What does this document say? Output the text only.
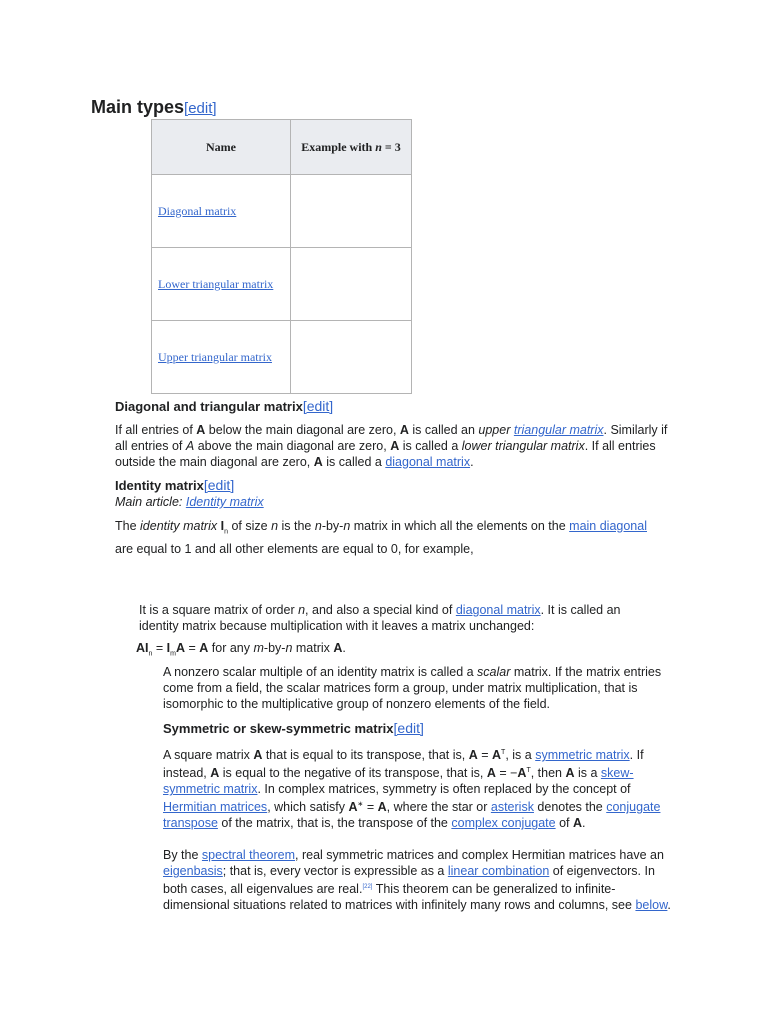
Main types[edit]
Name	Example with n = 3
Diagonal matrix	
Lower triangular matrix	
Upper triangular matrix	
Diagonal and triangular matrix[edit]
If all entries of A below the main diagonal are zero, A is called an upper triangular matrix. Similarly if all entries of A above the main diagonal are zero, A is called a lower triangular matrix. If all entries outside the main diagonal are zero, A is called a diagonal matrix.
Identity matrix[edit]
Main article: Identity matrix
The identity matrix $I_n$ of size n is the n-by-n matrix in which all the elements on the main diagonal are equal to 1 and all other elements are equal to 0, for example,
It is a square matrix of order n, and also a special kind of diagonal matrix. It is called an identity matrix because multiplication with it leaves a matrix unchanged:
$AI_n = I_mA = A$ for any m-by-n matrix A.
A nonzero scalar multiple of an identity matrix is called a scalar matrix. If the matrix entries come from a field, the scalar matrices form a group, under matrix multiplication, that is isomorphic to the multiplicative group of nonzero elements of the field.
Symmetric or skew-symmetric matrix[edit]
A square matrix A that is equal to its transpose, that is, $A = A^T$, is a symmetric matrix. If instead, A is equal to the negative of its transpose, that is, $A = -A^T$, then A is a skew-symmetric matrix. In complex matrices, symmetry is often replaced by the concept of Hermitian matrices, which satisfy A∗ = A, where the star or asterisk denotes the conjugate transpose of the matrix, that is, the transpose of the complex conjugate of A.
By the spectral theorem, real symmetric matrices and complex Hermitian matrices have an eigenbasis; that is, every vector is expressible as a linear combination of eigenvectors. In both cases, all eigenvalues are real.[22] This theorem can be generalized to infinite-dimensional situations related to matrices with infinitely many rows and columns, see below.
